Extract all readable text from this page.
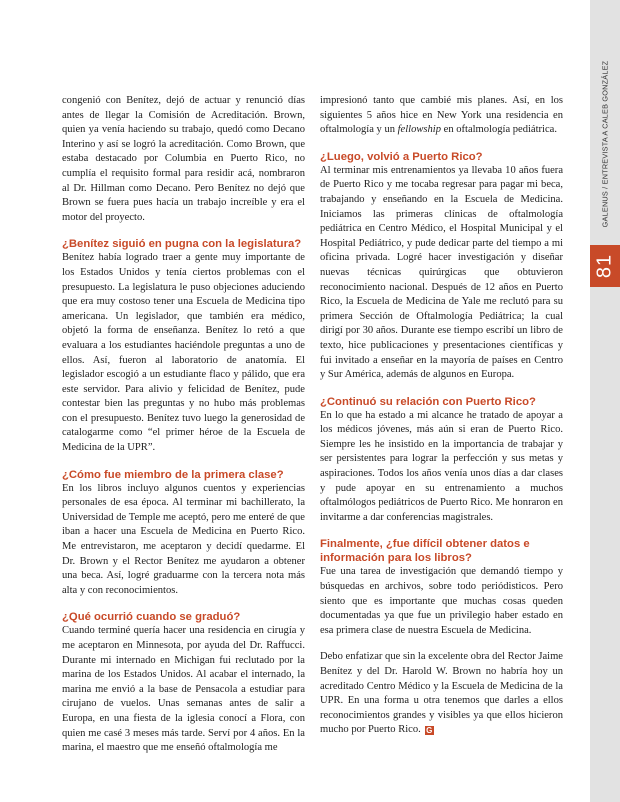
GALENUS / ENTREVISTA A CALEB GONZÁLEZ
81

congenió con Benítez, dejó de actuar y renunció días antes de llegar la Comisión de Acreditación. Brown, quien ya venía haciendo su trabajo, quedó como Decano Interino y así se logró la acreditación. Como Brown, que estaba destacado por Columbia en Puerto Rico, no cumplía el requisito formal para residir acá, nombraron al Dr. Hillman como Decano. Pero Benítez no dejó que Brown se fuera pues hacía un trabajo increíble y era el motor del proyecto.

¿Benítez siguió en pugna con la legislatura?

Benítez había logrado traer a gente muy importante de los Estados Unidos y tenía ciertos problemas con el presupuesto. La legislatura le puso objeciones aduciendo que era muy costoso tener una Escuela de Medicina tipo americana. Un legislador, que también era médico, objetó la forma de enseñanza. Benítez lo retó a que evaluara a los estudiantes haciéndole preguntas a uno de ellos. Así, fueron al laboratorio de anatomía. El legislador escogió a un estudiante flaco y pálido, que era este servidor. Para alivio y felicidad de Benítez, pude contestar bien las preguntas y no hubo más problemas con el presupuesto. Benítez tuvo luego la generosidad de catalogarme como “el primer héroe de la Escuela de Medicina de la UPR”.

¿Cómo fue miembro de la primera clase?

En los libros incluyo algunos cuentos y experiencias personales de esa época. Al terminar mi bachillerato, la Universidad de Temple me aceptó, pero me enteré de que iban a hacer una Escuela de Medicina en Puerto Rico. Me entrevistaron, me aceptaron y decidí quedarme. El Dr. Brown y el Rector Benítez me ayudaron a obtener una beca. Así, logré graduarme con la tercera nota más alta y con reconocimientos.

¿Qué ocurrió cuando se graduó?

Cuando terminé quería hacer una residencia en cirugía y me aceptaron en Minnesota, por ayuda del Dr. Raffucci. Durante mi internado en Michigan fui reclutado por la marina de los Estados Unidos. Al acabar el internado, la marina me envió a la base de Pensacola a estudiar para cirujano de vuelos. Unas semanas antes de salir a Europa, en una fiesta de la iglesia conocí a Flora, con quien me casé 3 meses más tarde. Serví por 4 años. En la marina, el maestro que me enseñó oftalmología me

impresionó tanto que cambié mis planes. Así, en los siguientes 5 años hice en New York una residencia en oftalmología y un fellowship en oftalmología pediátrica.

¿Luego, volvió a Puerto Rico?

Al terminar mis entrenamientos ya llevaba 10 años fuera de Puerto Rico y me tocaba regresar para pagar mi beca, trabajando y enseñando en la Escuela de Medicina. Iniciamos las primeras clínicas de oftalmología pediátrica en Centro Médico, el Hospital Municipal y el Hospital Pediátrico, y pude dedicar parte del tiempo a mi oficina privada. Logré hacer investigación y diseñar nuevas técnicas quirúrgicas que obtuvieron reconocimiento nacional. Después de 12 años en Puerto Rico, la Escuela de Medicina de Yale me reclutó para su primera Sección de Oftalmología Pediátrica; la cual dirigí por 30 años. Durante ese tiempo escribí un libro de texto, hice publicaciones y presentaciones científicas y fui invitado a enseñar en la mayoría de países en Centro y Sur América, además de algunos en Europa.

¿Continuó su relación con Puerto Rico?

En lo que ha estado a mi alcance he tratado de apoyar a los médicos jóvenes, más aún si eran de Puerto Rico. Siempre les he insistido en la importancia de trabajar y ser persistentes para lograr la perfección y sus metas y aspiraciones. Todos los años venía unos días a dar clases y pude apoyar en su entrenamiento a muchos oftalmólogos pediátricos de Puerto Rico. Me honraron en invitarme a dar conferencias magistrales.

Finalmente, ¿fue difícil obtener datos e información para los libros?

Fue una tarea de investigación que demandó tiempo y búsquedas en archivos, sobre todo periódisticos. Pero siento que es importante que muchas cosas queden documentadas ya que fue un privilegio haber estado en esa primera clase de nuestra Escuela de Medicina.

Debo enfatizar que sin la excelente obra del Rector Jaime Benítez y del Dr. Harold W. Brown no habría hoy un acreditado Centro Médico y la Escuela de Medicina de la UPR. En una forma u otra tenemos que darles a ellos reconocimientos grandes y visibles ya que ellos hicieron mucho por Puerto Rico. G
